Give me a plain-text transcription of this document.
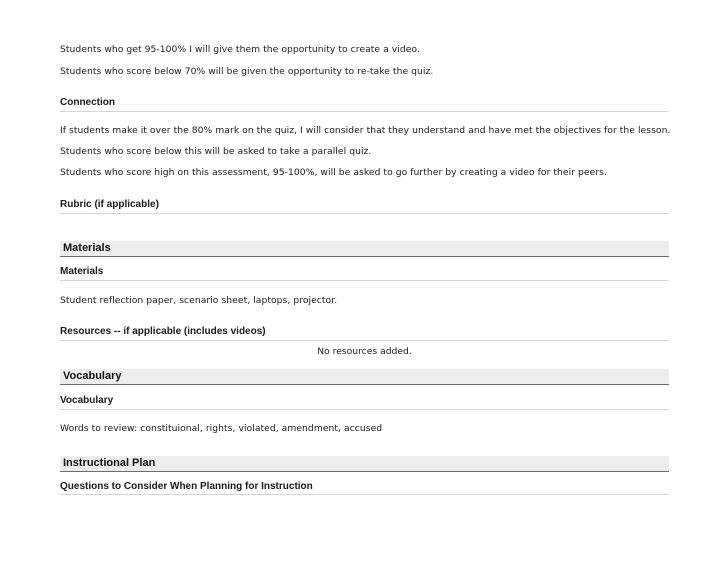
Students who get 95-100% I will give them the opportunity to create a video.
Students who score below 70% will be given the opportunity to re-take the quiz.
Connection
If students make it over the 80% mark on the quiz, I will consider that they understand and have met the objectives for the lesson.
Students who score below this will be asked to take a parallel quiz.
Students who score high on this assessment, 95-100%, will be asked to go further by creating a video for their peers.
Rubric (if applicable)
Materials
Materials
Student reflection paper, scenario sheet, laptops, projector.
Resources -- if applicable (includes videos)
No resources added.
Vocabulary
Vocabulary
Words to review: constituional, rights, violated, amendment, accused
Instructional Plan
Questions to Consider When Planning for Instruction
